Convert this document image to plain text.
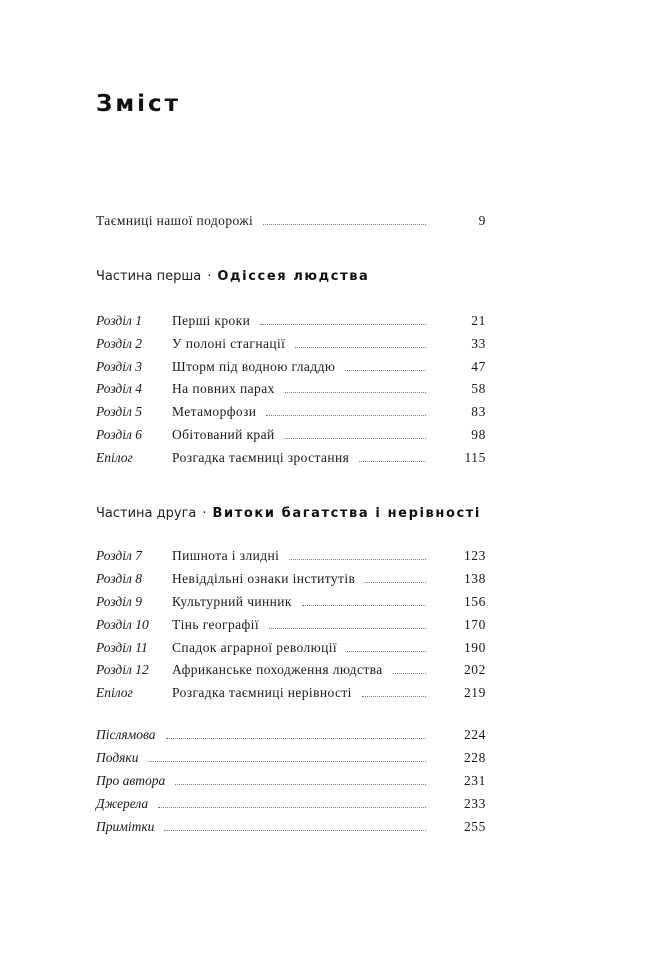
Зміст
Таємниці нашої подорожі	9
Частина перша · Одіссея людства
Розділ 1	Перші кроки	21
Розділ 2	У полоні стагнації	33
Розділ 3	Шторм під водною гладдю	47
Розділ 4	На повних парах	58
Розділ 5	Метаморфози	83
Розділ 6	Обітований край	98
Епілог	Розгадка таємниці зростання	115
Частина друга · Витоки багатства і нерівності
Розділ 7	Пишнота і злидні	123
Розділ 8	Невіддільні ознаки інститутів	138
Розділ 9	Культурний чинник	156
Розділ 10	Тінь географії	170
Розділ 11	Спадок аграрної революції	190
Розділ 12	Африканське походження людства	202
Епілог	Розгадка таємниці нерівності	219
Післямова	224
Подяки	228
Про автора	231
Джерела	233
Примітки	255
